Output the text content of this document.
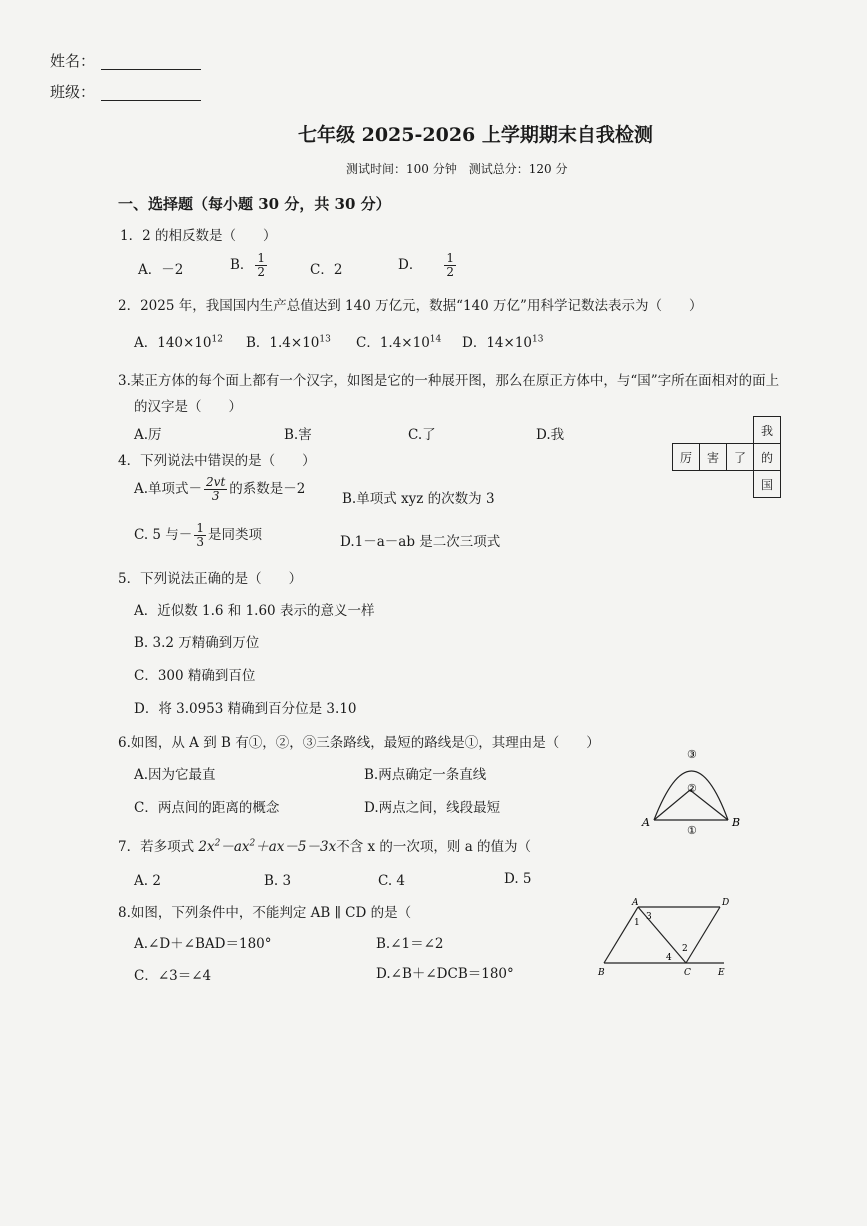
姓名：
班级：
七年级 2025-2026 上学期期末自我检测
测试时间：100 分钟　测试总分：120 分
一、选择题（每小题 30 分，共 30 分）
1．2 的相反数是（　　）
A．－2	B． $\frac{1}{2}$	C．2	D． $\frac{1}{2}$
2．2025 年，我国国内生产总值达到 140 万亿元，数据“140 万亿”用科学记数法表示为（　　）
A．$140\times 10^{12}$ B．$1.4\times 10^{13}$ C．$1.4\times 10^{14}$ D．$14\times 10^{13}$
3.某正方体的每个面上都有一个汉字，如图是它的一种展开图，那么在原正方体中，与“国”字所在面相对的面上
的汉字是（　　）
A.厉	B.害	C.了	D.我
				我
厉	害	了	的
			国
4．下列说法中错误的是（　　）
A.单项式－ $\frac{2vt}{3}$ 的系数是－2
B.单项式 xyz 的次数为 3
C. 5 与－ $\frac{1}{3}$ 是同类项	D.1－a－ab 是二次三项式
5．下列说法正确的是（　　）
A．近似数 1.6 和 1.60 表示的意义一样
B. 3.2 万精确到万位
C．300 精确到百位
D．将 3.0953 精确到百分位是 3.10
6.如图，从 A 到 B 有①，②，③三条路线，最短的路线是①，其理由是（　　）
A.因为它最直	B.两点确定一条直线
C．两点间的距离的概念	D.两点之间，线段最短
③
②
①
A	B
7．若多项式 $2x^2-ax^2+ax-5-3x$不含 x 的一次项，则 a 的值为（
A. 2	B. 3	C. 4	D. 5
8.如图，下列条件中，不能判定 AB ∥ CD 的是（
A.∠D＋∠BAD＝180°	B.∠1＝∠2
C．∠3＝∠4	D.∠B＋∠DCB＝180°
A	D
B	C	E
1
3
2
4
